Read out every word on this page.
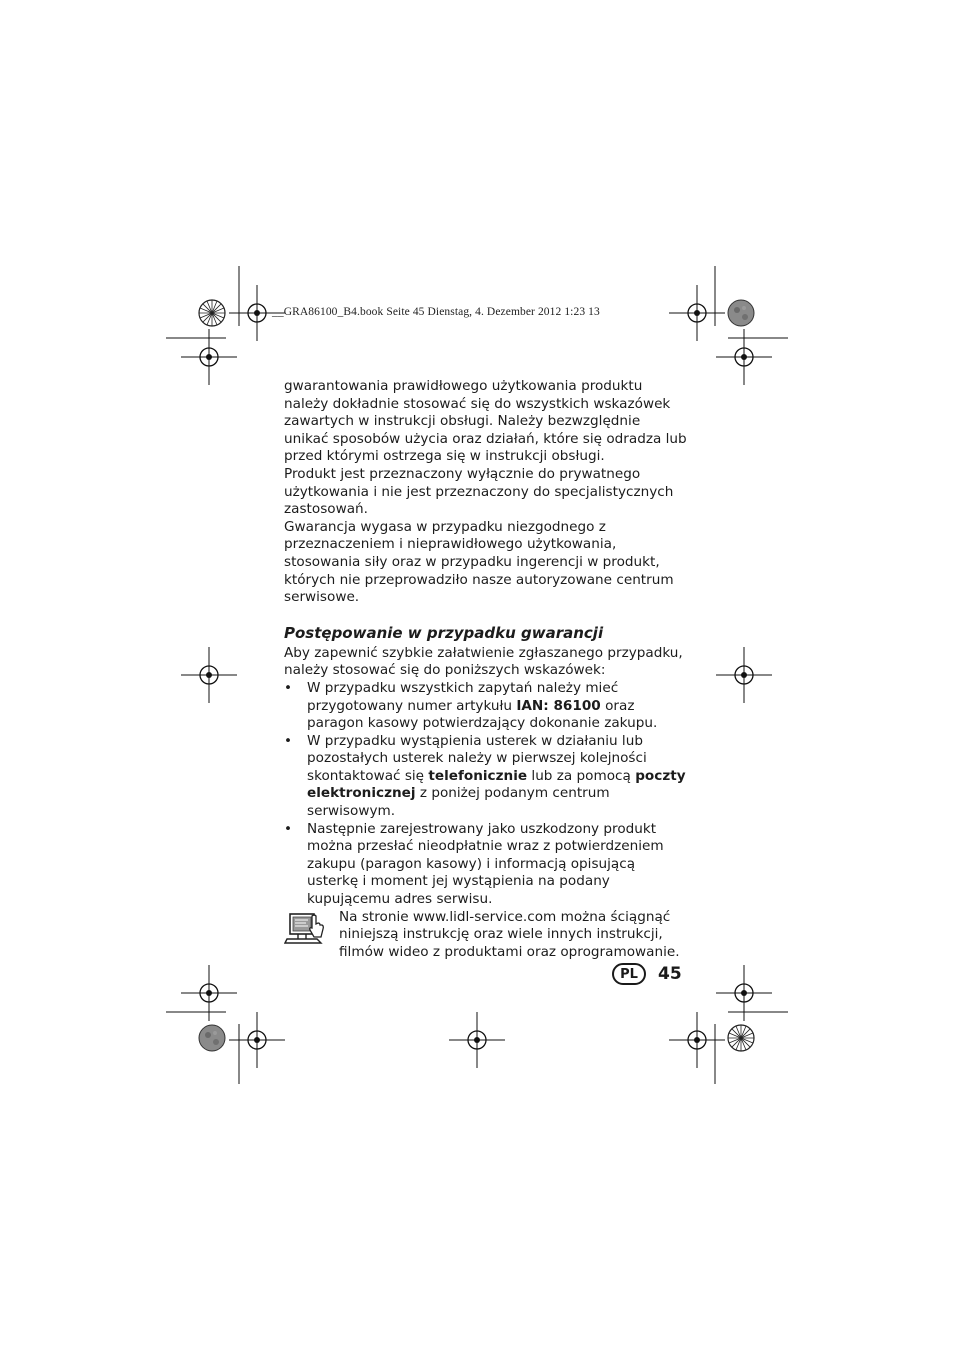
__GRA86100_B4.book Seite 45 Dienstag, 4. Dezember 2012 1:23 13

gwarantowania prawidłowego użytkowania produktu należy dokładnie stosować się do wszystkich wskazówek zawartych w instrukcji obsługi. Należy bezwzględnie unikać sposobów użycia oraz działań, które się odradza lub przed którymi ostrzega się w instrukcji obsługi.

Produkt jest przeznaczony wyłącznie do prywatnego użytkowania i nie jest przeznaczony do specjalistycznych zastosowań.

Gwarancja wygasa w przypadku niezgodnego z przeznaczeniem i nieprawidłowego użytkowania, stosowania siły oraz w przypadku ingerencji w produkt, których nie przeprowadziło nasze autoryzowane centrum serwisowe.

Postępowanie w przypadku gwarancji

Aby zapewnić szybkie załatwienie zgłaszanego przypadku, należy stosować się do poniższych wskazówek:

• W przypadku wszystkich zapytań należy mieć przygotowany numer artykułu IAN: 86100 oraz paragon kasowy potwierdzający dokonanie zakupu.
• W przypadku wystąpienia usterek w działaniu lub pozostałych usterek należy w pierwszej kolejności skontaktować się telefonicznie lub za pomocą poczty elektronicznej z poniżej podanym centrum serwisowym.
• Następnie zarejestrowany jako uszkodzony produkt można przesłać nieodpłatnie wraz z potwierdzeniem zakupu (paragon kasowy) i informacją opisującą usterkę i moment jej wystąpienia na podany kupującemu adres serwisu.
Na stronie www.lidl-service.com można ściągnąć niniejszą instrukcję oraz wiele innych instrukcji, filmów wideo z produktami oraz oprogramowanie.
PL	45
